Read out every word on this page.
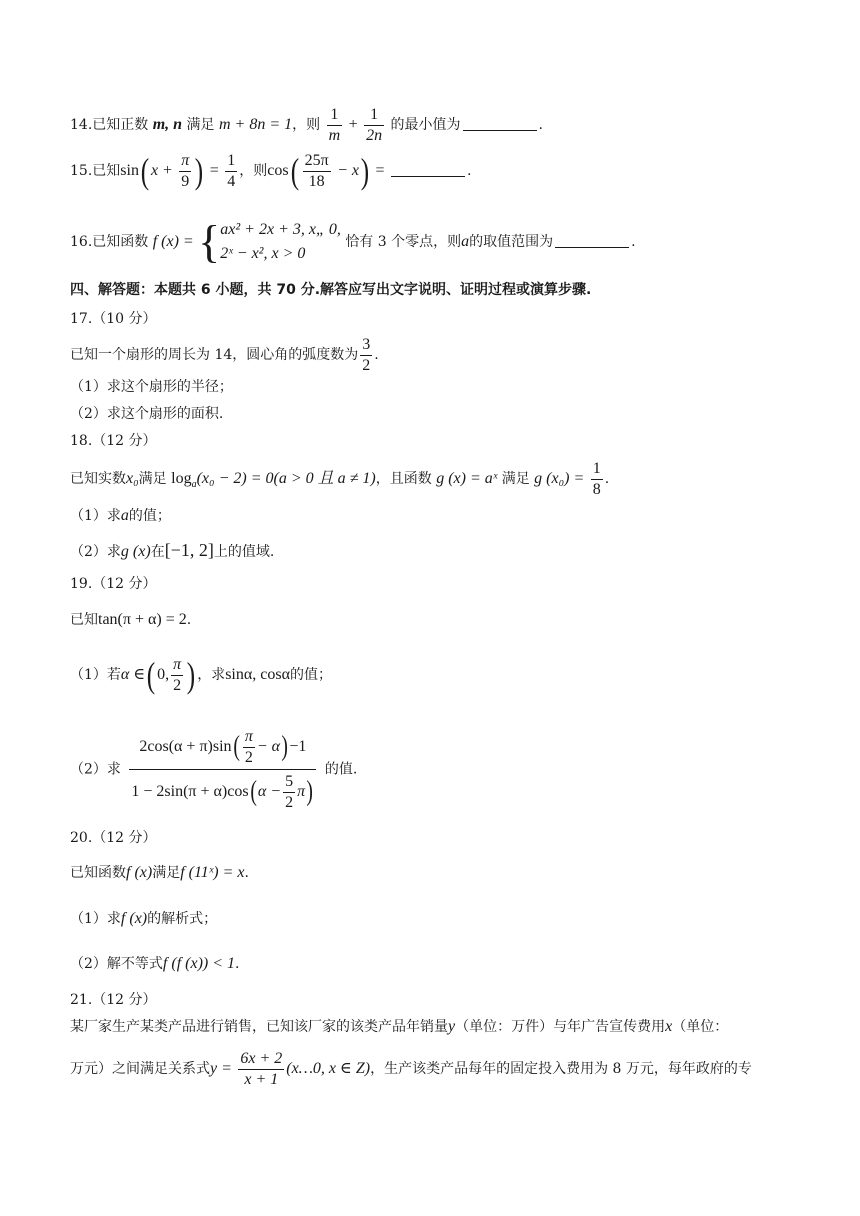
14.已知正数 m, n 满足 m + 8n = 1，则 $\frac{1}{m} + \frac{1}{2n}$ 的最小值为	.
15.已知sin( $x + \frac{\pi}{9}$ ) = $\frac{1}{4}$ ，则$\cos( \frac{25\pi}{18} - x)$ =	.
16.已知函数 f (x) = { ax² + 2x + 3, x„ 0,
2ˣ − x², x > 0
恰有 3 个零点，则a的取值范围为	.
四、解答题：本题共 6 小题，共 70 分.解答应写出文字说明、证明过程或演算步骤.
17.（10 分）
已知一个扇形的周长为 14，圆心角的弧度数为 $\frac{3}{2}$ .
（1）求这个扇形的半径；
（2）求这个扇形的面积.
18.（12 分）
已知实数x₀满足 $\log_a(x_0 - 2) = 0(a > 0$ 且 a ≠ 1)，且函数 g (x) = aˣ 满足 g $(x_0) = \frac{1}{8}$ .
（1）求a的值；
（2）求g (x)在[−1, 2]上的值域.
19.（12 分）
已知tan(π + α) = 2.
（1）若α ∈( 0, $\frac{\pi}{2}$ ) ，求sinα, cosα的值；
（2）求 $\frac{2\cos(\alpha + \pi)\sin( \frac{\pi}{2} - \alpha)-1}{1 - 2\sin(\pi + \alpha)\cos(\alpha - \frac{5}{2} \pi)}$ 的值.
20.（12 分）
已知函数f (x)满足f (11ˣ) = x.
（1）求f (x)的解析式；
（2）解不等式f (f (x)) < 1.
21.（12 分）
某厂家生产某类产品进行销售，已知该厂家的该类产品年销量y（单位：万件）与年广告宣传费用x（单位：
万元）之间满足关系式$y = \frac{6x + 2}{x + 1}$ (x…0, x ∈ Z)，生产该类产品每年的固定投入费用为 8 万元，每年政府的专
